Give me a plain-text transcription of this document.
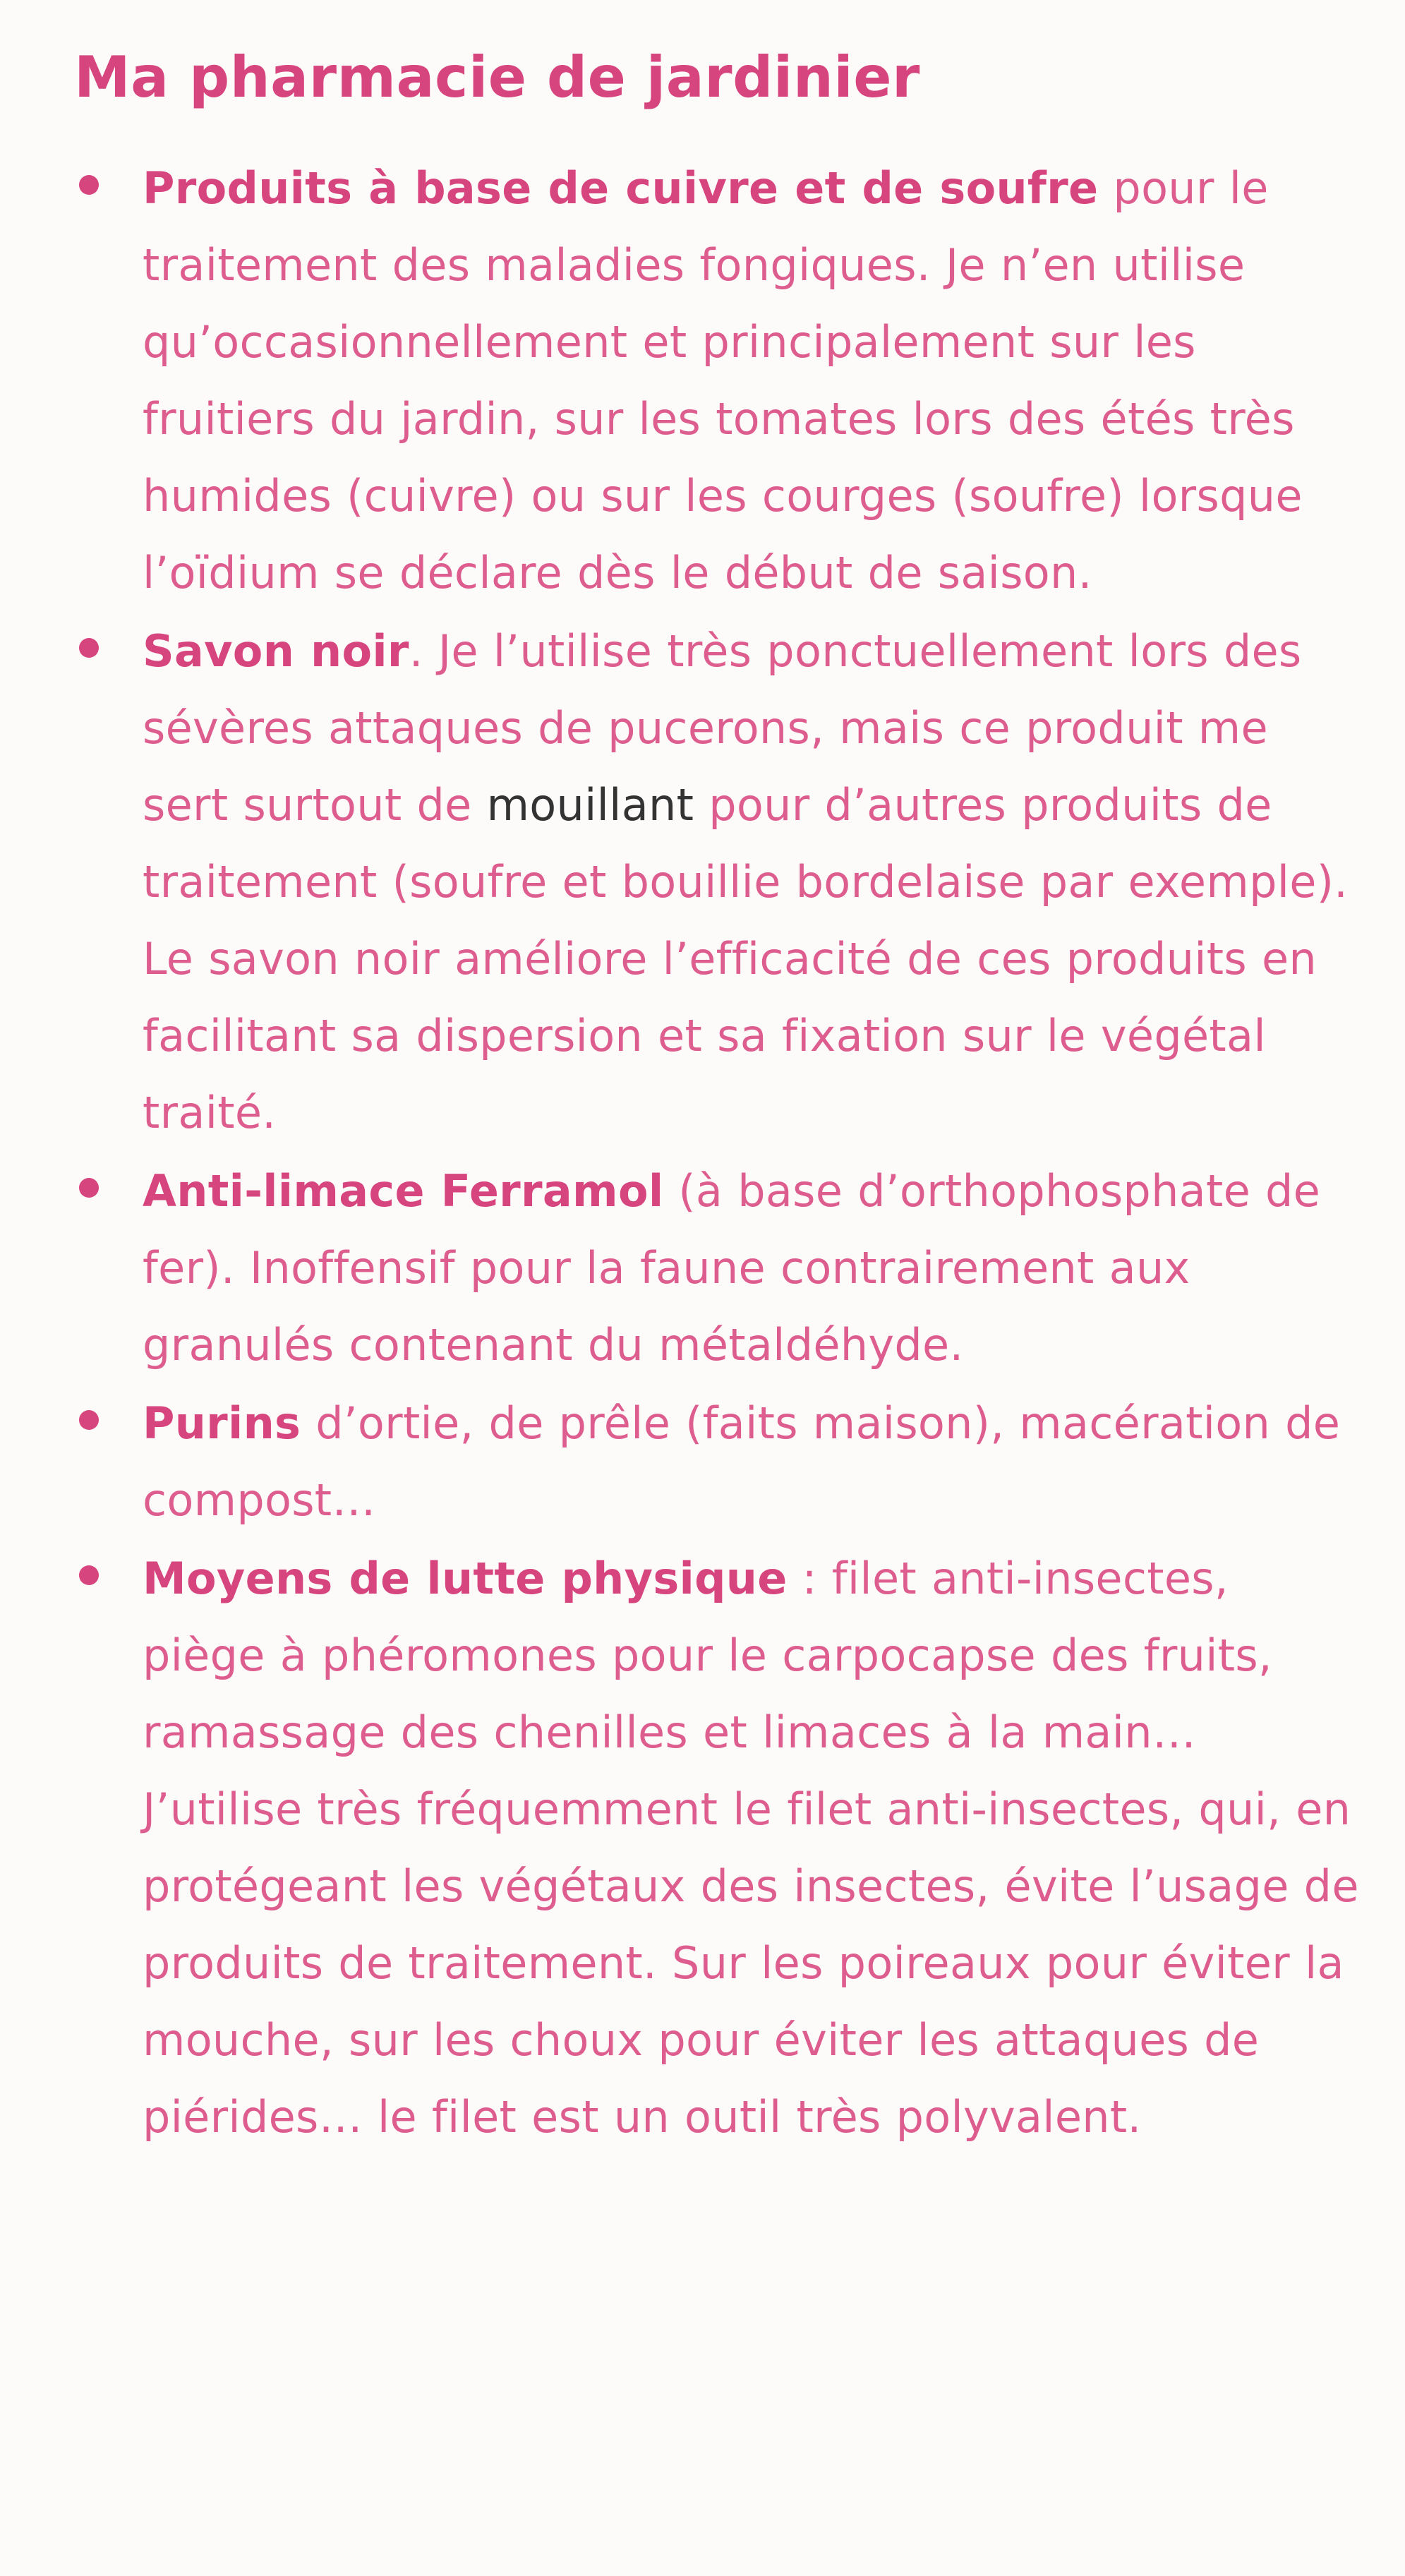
Ma pharmacie de jardinier
Produits à base de cuivre et de soufre pour le traitement des maladies fongiques. Je n’en utilise qu’occasionnellement et principalement sur les fruitiers du jardin, sur les tomates lors des étés très humides (cuivre) ou sur les courges (soufre) lorsque l’oïdium se déclare dès le début de saison.
Savon noir. Je l’utilise très ponctuellement lors des sévères attaques de pucerons, mais ce produit me sert surtout de mouillant pour d’autres produits de traitement (soufre et bouillie bordelaise par exemple). Le savon noir améliore l’efficacité de ces produits en facilitant sa dispersion et sa fixation sur le végétal traité.
Anti-limace Ferramol (à base d’orthophosphate de fer). Inoffensif pour la faune contrairement aux granulés contenant du métaldéhyde.
Purins d’ortie, de prêle (faits maison), macération de compost…
Moyens de lutte physique : filet anti-insectes, piège à phéromones pour le carpocapse des fruits, ramassage des chenilles et limaces à la main… J’utilise très fréquemment le filet anti-insectes, qui, en protégeant les végétaux des insectes, évite l’usage de produits de traitement. Sur les poireaux pour éviter la mouche, sur les choux pour éviter les attaques de piérides… le filet est un outil très polyvalent.
